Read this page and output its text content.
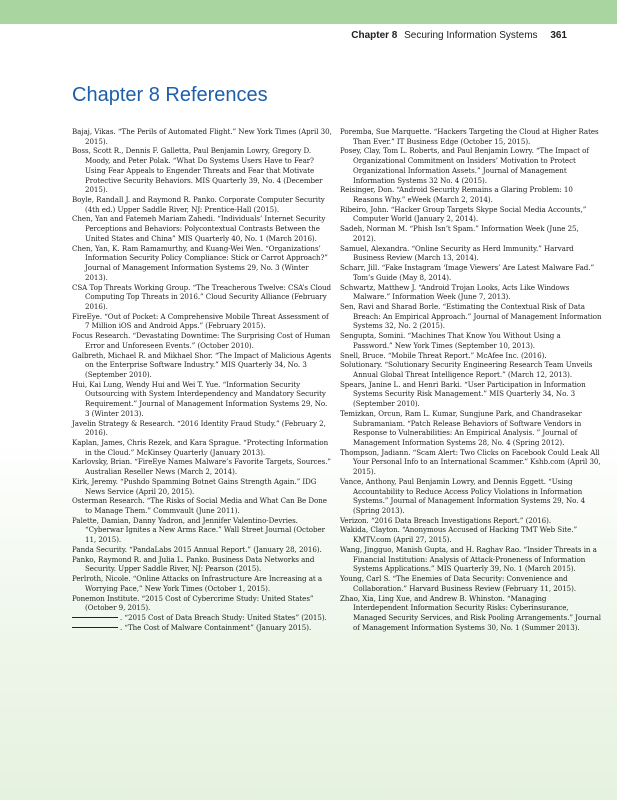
Chapter 8 Securing Information Systems 361
Chapter 8 References
Bajaj, Vikas. “The Perils of Automated Flight.” New York Times (April 30, 2015).
Boss, Scott R., Dennis F. Galletta, Paul Benjamin Lowry, Gregory D. Moody, and Peter Polak. “What Do Systems Users Have to Fear? Using Fear Appeals to Engender Threats and Fear that Motivate Protective Security Behaviors. MIS Quarterly 39, No. 4 (December 2015).
Boyle, Randall J. and Raymond R. Panko. Corporate Computer Security (4th ed.) Upper Saddle River, NJ: Prentice-Hall (2015).
Chen, Yan and Fatemeh Mariam Zahedi. “Individuals’ Internet Security Perceptions and Behaviors: Polycontextual Contrasts Between the United States and China” MIS Quarterly 40, No. 1 (March 2016).
Chen, Yan, K. Ram Ramamurthy, and Kuang-Wei Wen. “Organizations’ Information Security Policy Compliance: Stick or Carrot Approach?” Journal of Management Information Systems 29, No. 3 (Winter 2013).
CSA Top Threats Working Group. “The Treacherous Twelve: CSA’s Cloud Computing Top Threats in 2016.” Cloud Security Alliance (February 2016).
FireEye. “Out of Pocket: A Comprehensive Mobile Threat Assessment of 7 Million iOS and Android Apps.” (February 2015).
Focus Research. “Devastating Downtime: The Surprising Cost of Human Error and Unforeseen Events.” (October 2010).
Galbreth, Michael R. and Mikhael Shor. “The Impact of Malicious Agents on the Enterprise Software Industry.” MIS Quarterly 34, No. 3 (September 2010).
Hui, Kai Lung, Wendy Hui and Wei T. Yue. “Information Security Outsourcing with System Interdependency and Mandatory Security Requirement.” Journal of Management Information Systems 29, No. 3 (Winter 2013).
Javelin Strategy & Research. “2016 Identity Fraud Study.” (February 2, 2016).
Kaplan, James, Chris Rezek, and Kara Sprague. “Protecting Information in the Cloud.” McKinsey Quarterly (January 2013).
Karlovsky, Brian. “FireEye Names Malware’s Favorite Targets, Sources.” Australian Reseller News (March 2, 2014).
Kirk, Jeremy. “Pushdo Spamming Botnet Gains Strength Again.” IDG News Service (April 20, 2015).
Osterman Research. “The Risks of Social Media and What Can Be Done to Manage Them.” Commvault (June 2011).
Palette, Damian, Danny Yadron, and Jennifer Valentino-Devries. “Cyberwar Ignites a New Arms Race.” Wall Street Journal (October 11, 2015).
Panda Security. “PandaLabs 2015 Annual Report.” (January 28, 2016).
Panko, Raymond R. and Julia L. Panko. Business Data Networks and Security. Upper Saddle River, NJ: Pearson (2015).
Perlroth, Nicole. “Online Attacks on Infrastructure Are Increasing at a Worrying Pace,” New York Times (October 1, 2015).
Ponemon Institute. “2015 Cost of Cybercrime Study: United States” (October 9, 2015).
. “2015 Cost of Data Breach Study: United States” (2015).
. “The Cost of Malware Containment” (January 2015).
Poremba, Sue Marquette. “Hackers Targeting the Cloud at Higher Rates Than Ever.” IT Business Edge (October 15, 2015).
Posey, Clay, Tom L. Roberts, and Paul Benjamin Lowry. “The Impact of Organizational Commitment on Insiders’ Motivation to Protect Organizational Information Assets.” Journal of Management Information Systems 32 No. 4 (2015).
Reisinger, Don. “Android Security Remains a Glaring Problem: 10 Reasons Why.” eWeek (March 2, 2014).
Ribeiro, John. “Hacker Group Targets Skype Social Media Accounts,” Computer World (January 2, 2014).
Sadeh, Norman M. “Phish Isn’t Spam.” Information Week (June 25, 2012).
Samuel, Alexandra. “Online Security as Herd Immunity.” Harvard Business Review (March 13, 2014).
Scharr, Jill. “Fake Instagram ‘Image Viewers’ Are Latest Malware Fad.” Tom’s Guide (May 8, 2014).
Schwartz, Matthew J. “Android Trojan Looks, Acts Like Windows Malware.” Information Week (June 7, 2013).
Sen, Ravi and Sharad Borle. “Estimating the Contextual Risk of Data Breach: An Empirical Approach.” Journal of Management Information Systems 32, No. 2 (2015).
Sengupta, Somini. “Machines That Know You Without Using a Password.” New York Times (September 10, 2013).
Snell, Bruce. “Mobile Threat Report.” McAfee Inc. (2016).
Solutionary. “Solutionary Security Engineering Research Team Unveils Annual Global Threat Intelligence Report.” (March 12, 2013).
Spears, Janine L. and Henri Barki. “User Participation in Information Systems Security Risk Management.” MIS Quarterly 34, No. 3 (September 2010).
Temizkan, Orcun, Ram L. Kumar, Sungjune Park, and Chandrasekar Subramaniam. “Patch Release Behaviors of Software Vendors in Response to Vulnerabilities: An Empirical Analysis. ” Journal of Management Information Systems 28, No. 4 (Spring 2012).
Thompson, Jadiann. “Scam Alert: Two Clicks on Facebook Could Leak All Your Personal Info to an International Scammer.” Kshb.com (April 30, 2015).
Vance, Anthony, Paul Benjamin Lowry, and Dennis Eggett. “Using Accountability to Reduce Access Policy Violations in Information Systems.” Journal of Management Information Systems 29, No. 4 (Spring 2013).
Verizon. “2016 Data Breach Investigations Report.” (2016).
Wakida, Clayton. “Anonymous Accused of Hacking TMT Web Site.” KMTV.com (April 27, 2015).
Wang, Jingguo, Manish Gupta, and H. Raghav Rao. “Insider Threats in a Financial Institution: Analysis of Attack-Proneness of Information Systems Applications.” MIS Quarterly 39, No. 1 (March 2015).
Young, Carl S. “The Enemies of Data Security: Convenience and Collaboration.” Harvard Business Review (February 11, 2015).
Zhao, Xia, Ling Xue, and Andrew B. Whinston. “Managing Interdependent Information Security Risks: Cyberinsurance, Managed Security Services, and Risk Pooling Arrangements.” Journal of Management Information Systems 30, No. 1 (Summer 2013).
